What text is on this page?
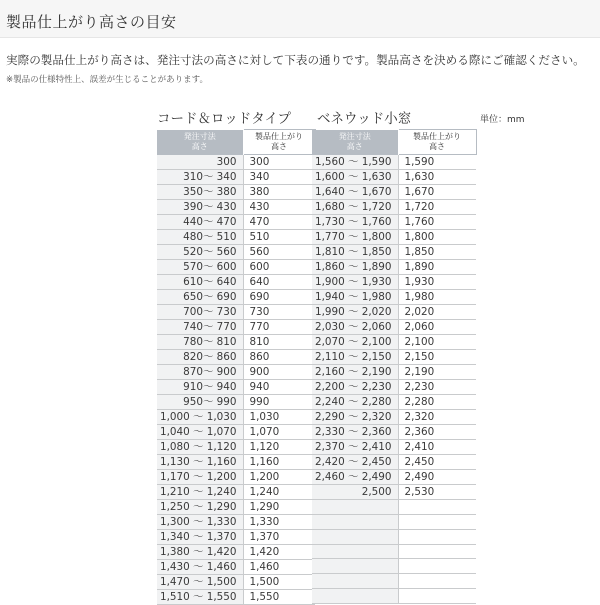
製品仕上がり高さの目安
実際の製品仕上がり高さは、発注寸法の高さに対して下表の通りです。製品高さを決める際にご確認ください。
※製品の仕様特性上、誤差が生じることがあります。
コード＆ロッドタイプ ベネウッド小窓	単位：mm
発注寸法
高さ	製品仕上がり
高さ
300	300
310～ 340	340
350～ 380	380
390～ 430	430
440～ 470	470
480～ 510	510
520～ 560	560
570～ 600	600
610～ 640	640
650～ 690	690
700～ 730	730
740～ 770	770
780～ 810	810
820～ 860	860
870～ 900	900
910～ 940	940
950～ 990	990
1,000 ～ 1,030	1,030
1,040 ～ 1,070	1,070
1,080 ～ 1,120	1,120
1,130 ～ 1,160	1,160
1,170 ～ 1,200	1,200
1,210 ～ 1,240	1,240
1,250 ～ 1,290	1,290
1,300 ～ 1,330	1,330
1,340 ～ 1,370	1,370
1,380 ～ 1,420	1,420
1,430 ～ 1,460	1,460
1,470 ～ 1,500	1,500
1,510 ～ 1,550	1,550
発注寸法
高さ	製品仕上がり
高さ
1,560 ～ 1,590	1,590
1,600 ～ 1,630	1,630
1,640 ～ 1,670	1,670
1,680 ～ 1,720	1,720
1,730 ～ 1,760	1,760
1,770 ～ 1,800	1,800
1,810 ～ 1,850	1,850
1,860 ～ 1,890	1,890
1,900 ～ 1,930	1,930
1,940 ～ 1,980	1,980
1,990 ～ 2,020	2,020
2,030 ～ 2,060	2,060
2,070 ～ 2,100	2,100
2,110 ～ 2,150	2,150
2,160 ～ 2,190	2,190
2,200 ～ 2,230	2,230
2,240 ～ 2,280	2,280
2,290 ～ 2,320	2,320
2,330 ～ 2,360	2,360
2,370 ～ 2,410	2,410
2,420 ～ 2,450	2,450
2,460 ～ 2,490	2,490
2,500	2,530
